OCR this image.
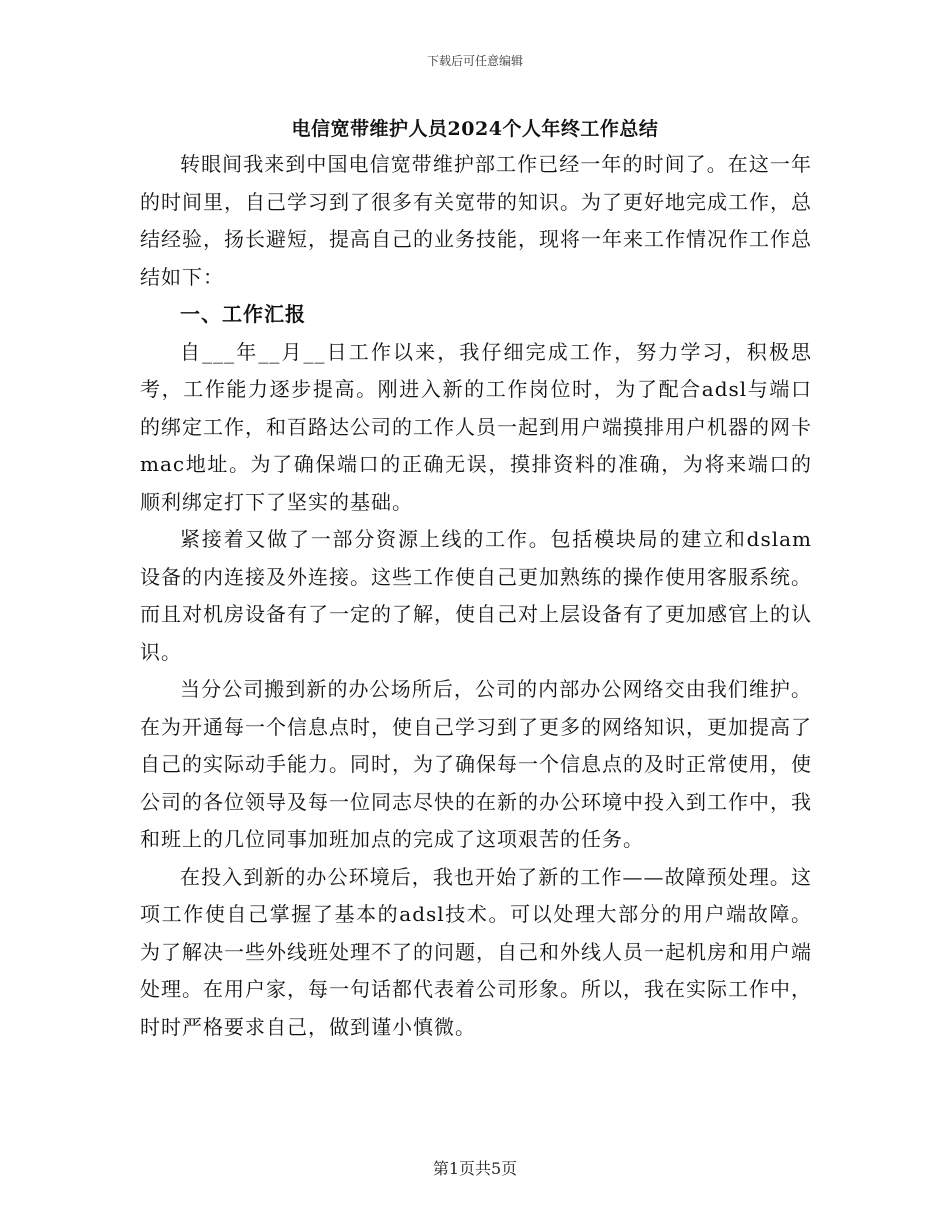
下载后可任意编辑
电信宽带维护人员2024个人年终工作总结

转眼间我来到中国电信宽带维护部工作已经一年的时间了。在这一年的时间里，自己学习到了很多有关宽带的知识。为了更好地完成工作，总结经验，扬长避短，提高自己的业务技能，现将一年来工作情况作工作总结如下：

一、工作汇报

自___年__月__日工作以来，我仔细完成工作，努力学习，积极思考，工作能力逐步提高。刚进入新的工作岗位时，为了配合adsl与端口的绑定工作，和百路达公司的工作人员一起到用户端摸排用户机器的网卡mac地址。为了确保端口的正确无误，摸排资料的准确，为将来端口的顺利绑定打下了坚实的基础。

紧接着又做了一部分资源上线的工作。包括模块局的建立和dslam设备的内连接及外连接。这些工作使自己更加熟练的操作使用客服系统。而且对机房设备有了一定的了解，使自己对上层设备有了更加感官上的认识。

当分公司搬到新的办公场所后，公司的内部办公网络交由我们维护。在为开通每一个信息点时，使自己学习到了更多的网络知识，更加提高了自己的实际动手能力。同时，为了确保每一个信息点的及时正常使用，使公司的各位领导及每一位同志尽快的在新的办公环境中投入到工作中，我和班上的几位同事加班加点的完成了这项艰苦的任务。

在投入到新的办公环境后，我也开始了新的工作——故障预处理。这项工作使自己掌握了基本的adsl技术。可以处理大部分的用户端故障。为了解决一些外线班处理不了的问题，自己和外线人员一起机房和用户端处理。在用户家，每一句话都代表着公司形象。所以，我在实际工作中，时时严格要求自己，做到谨小慎微。

第1页共5页
